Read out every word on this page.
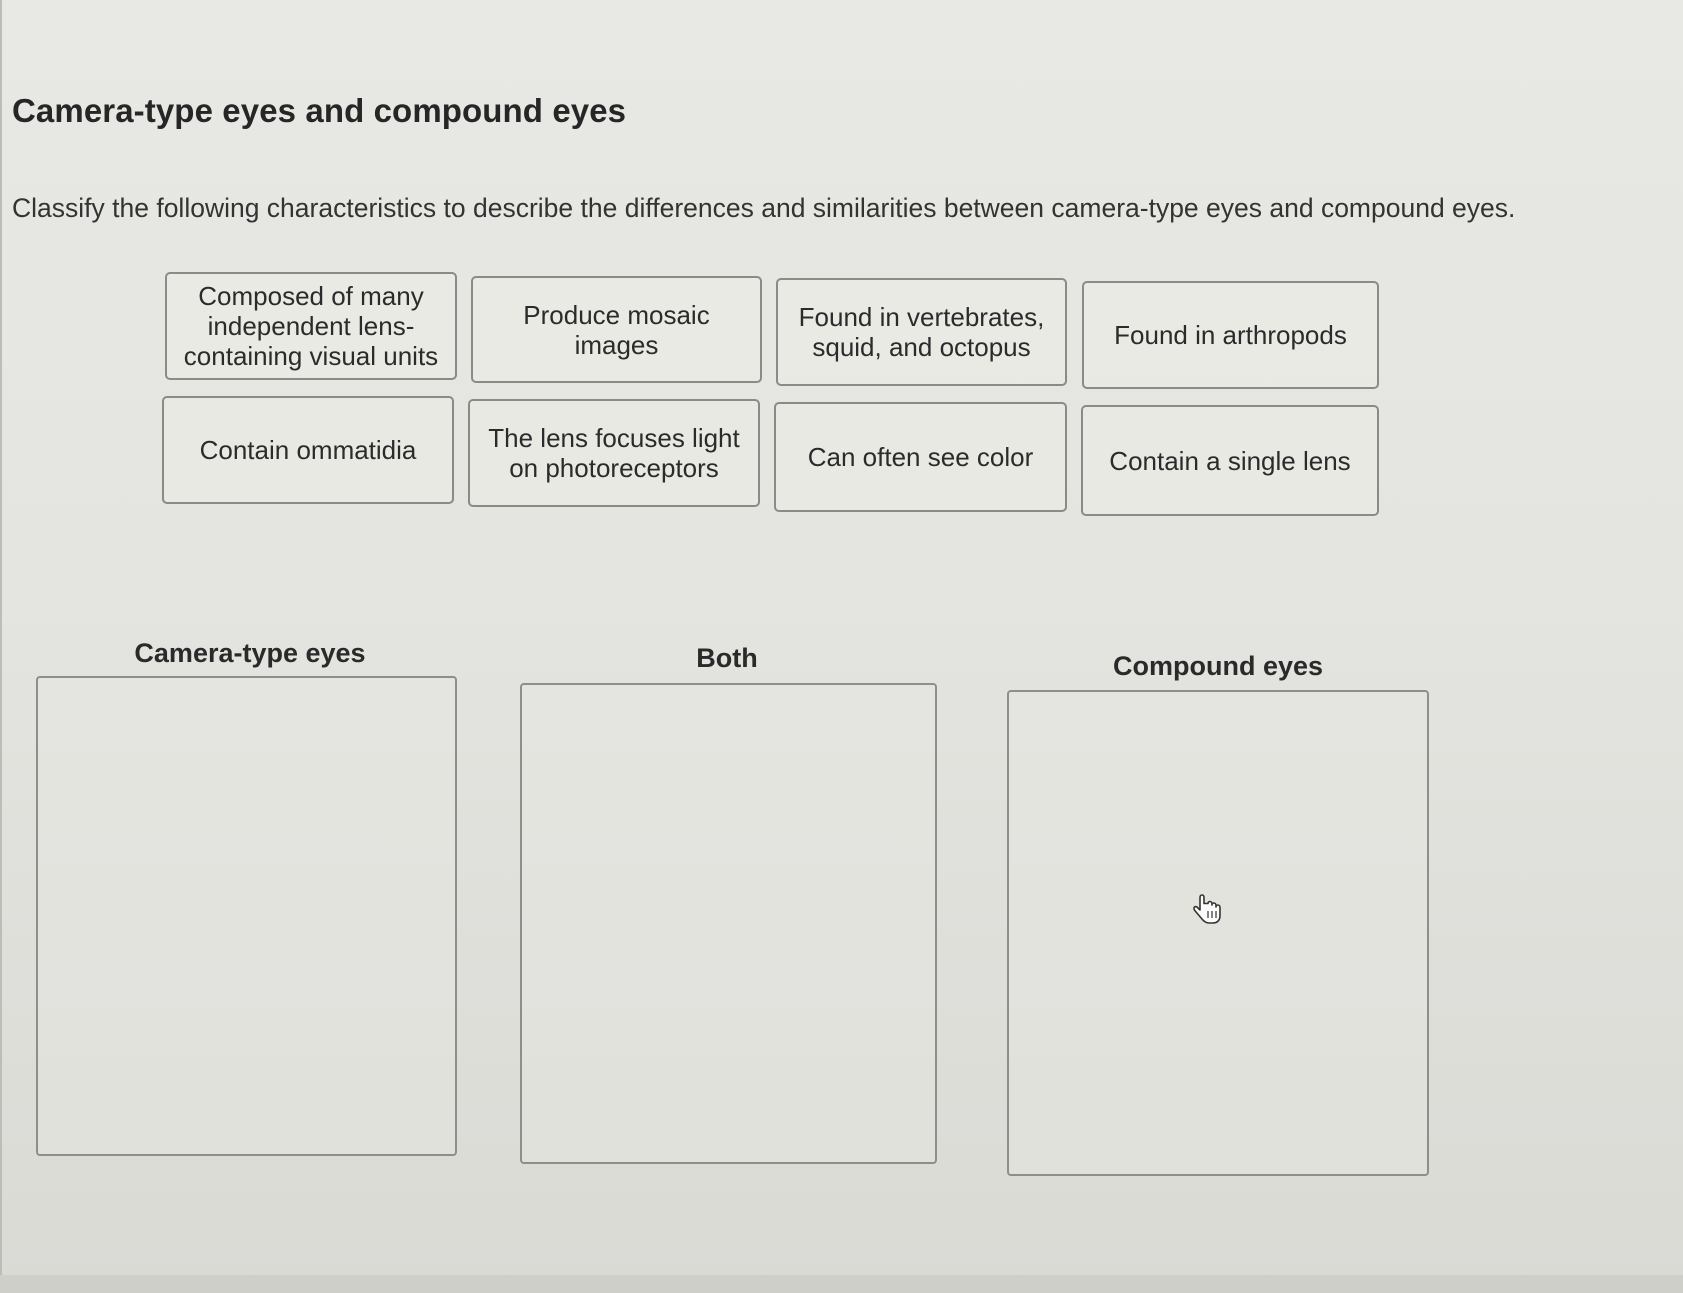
Camera-type eyes and compound eyes

Classify the following characteristics to describe the differences and similarities between camera-type eyes and compound eyes.

Composed of many independent lens-containing visual units
Produce mosaic images
Found in vertebrates, squid, and octopus	Found in arthropods
Contain ommatidia	The lens focuses light on photoreceptors	Can often see color	Contain a single lens
Camera-type eyes	Both	Compound eyes
